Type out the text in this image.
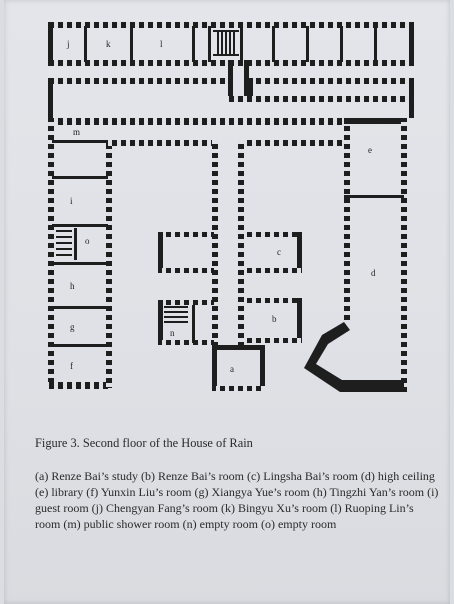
j	k	l
m
i
o
h
g
f
e
d
c
b
n
a

Figure 3. Second floor of the House of Rain

(a) Renze Bai’s study (b) Renze Bai’s room (c) Lingsha Bai’s room (d) high ceiling (e) library (f) Yunxin Liu’s room (g) Xiangya Yue’s room (h) Tingzhi Yan’s room (i) guest room (j) Chengyan Fang’s room (k) Bingyu Xu’s room (l) Ruoping Lin’s room (m) public shower room (n) empty room (o) empty room
